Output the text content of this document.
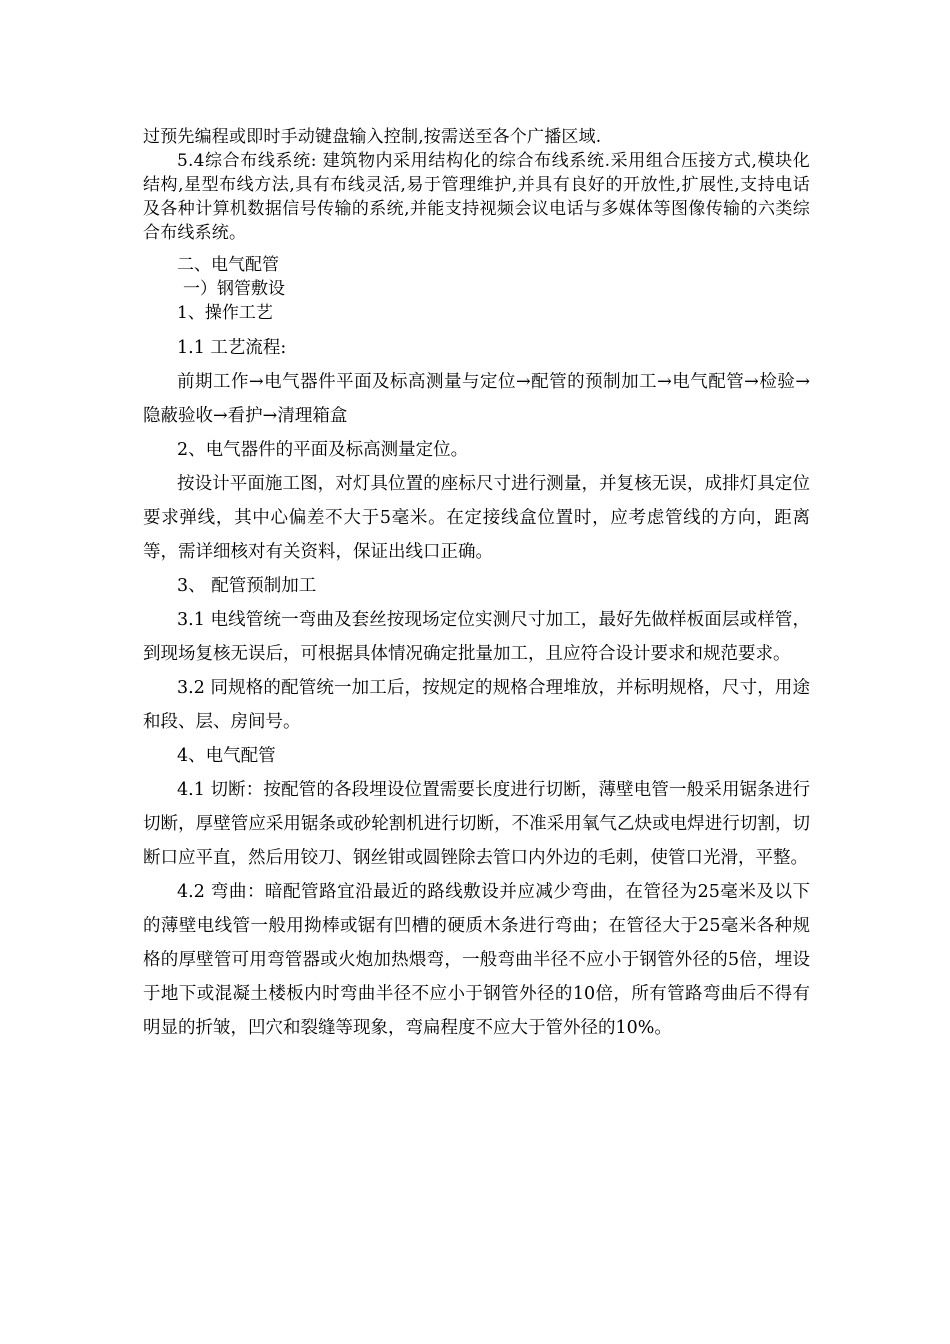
过预先编程或即时手动键盘输入控制,按需送至各个广播区域.

5.4综合布线系统: 建筑物内采用结构化的综合布线系统.采用组合压接方式,模块化结构,星型布线方法,具有布线灵活,易于管理维护,并具有良好的开放性,扩展性,支持电话及各种计算机数据信号传输的系统,并能支持视频会议电话与多媒体等图像传输的六类综合布线系统。

二、电气配管

一）钢管敷设

1、操作工艺

1.1 工艺流程:

前期工作→电气器件平面及标高测量与定位→配管的预制加工→电气配管→检验→隐蔽验收→看护→清理箱盒

2、电气器件的平面及标高测量定位。

按设计平面施工图，对灯具位置的座标尺寸进行测量，并复核无误，成排灯具定位要求弹线，其中心偏差不大于5毫米。在定接线盒位置时，应考虑管线的方向，距离等，需详细核对有关资料，保证出线口正确。

3、 配管预制加工

3.1 电线管统一弯曲及套丝按现场定位实测尺寸加工，最好先做样板面层或样管，到现场复核无误后，可根据具体情况确定批量加工，且应符合设计要求和规范要求。

3.2 同规格的配管统一加工后，按规定的规格合理堆放，并标明规格，尺寸，用途和段、层、房间号。

4、电气配管

4.1 切断：按配管的各段埋设位置需要长度进行切断，薄壁电管一般采用锯条进行切断，厚壁管应采用锯条或砂轮割机进行切断，不准采用氧气乙炔或电焊进行切割，切断口应平直，然后用铰刀、钢丝钳或圆锉除去管口内外边的毛刺，使管口光滑，平整。

4.2 弯曲：暗配管路宜沿最近的路线敷设并应减少弯曲，在管径为25毫米及以下的薄壁电线管一般用拗棒或锯有凹槽的硬质木条进行弯曲；在管径大于25毫米各种规格的厚壁管可用弯管器或火炮加热煨弯，一般弯曲半径不应小于钢管外径的5倍，埋设于地下或混凝土楼板内时弯曲半径不应小于钢管外径的10倍，所有管路弯曲后不得有明显的折皱，凹穴和裂缝等现象，弯扁程度不应大于管外径的10%。
